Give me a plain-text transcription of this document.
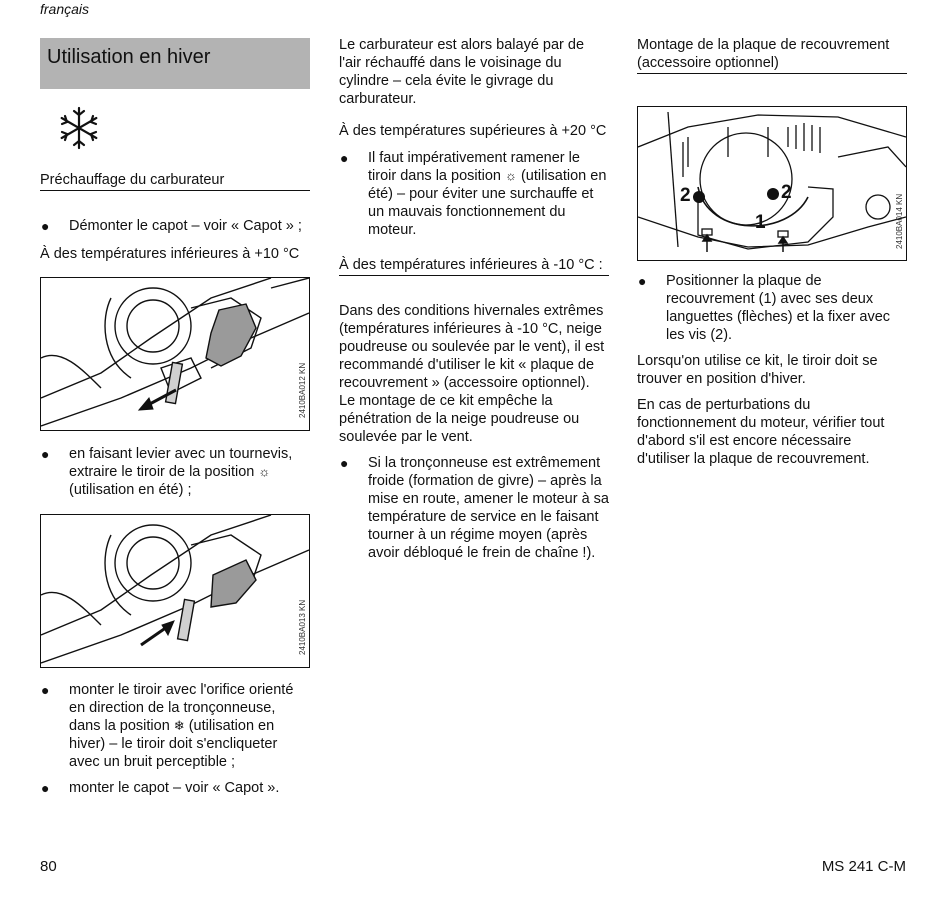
français
Utilisation en hiver

Préchauffage du carburateur

● Démonter le capot – voir « Capot » ;

À des températures inférieures à +10 °C

2410BA012 KN
● en faisant levier avec un tournevis, extraire le tiroir de la position ☼
(utilisation en été) ;
2410BA013 KN
● monter le tiroir avec l'orifice orienté en direction de la tronçonneuse, dans la position ❄ (utilisation en hiver) – le tiroir doit s'encliqueter avec un bruit perceptible ;
● monter le capot – voir « Capot ».

Le carburateur est alors balayé par de l'air réchauffé dans le voisinage du cylindre – cela évite le givrage du carburateur.

À des températures supérieures à +20 °C

● Il faut impérativement ramener le tiroir dans la position ☼ (utilisation en été) – pour éviter une surchauffe et un mauvais fonctionnement du moteur.

À des températures inférieures à -10 °C :

Dans des conditions hivernales extrêmes (températures inférieures à -10 °C, neige poudreuse ou soulevée par le vent), il est recommandé d'utiliser le kit « plaque de recouvrement » (accessoire optionnel). Le montage de ce kit empêche la pénétration de la neige poudreuse ou soulevée par le vent.

● Si la tronçonneuse est extrêmement froide (formation de givre) – après la mise en route, amener le moteur à sa température de service en le faisant tourner à un régime moyen (après avoir débloqué le frein de chaîne !).

Montage de la plaque de recouvrement (accessoire optionnel)

2	2
1	2410BA014 KN
● Positionner la plaque de recouvrement (1) avec ses deux languettes (flèches) et la fixer avec les vis (2).

Lorsqu'on utilise ce kit, le tiroir doit se trouver en position d'hiver.

En cas de perturbations du fonctionnement du moteur, vérifier tout d'abord s'il est encore nécessaire d'utiliser la plaque de recouvrement.

80	MS 241 C-M
